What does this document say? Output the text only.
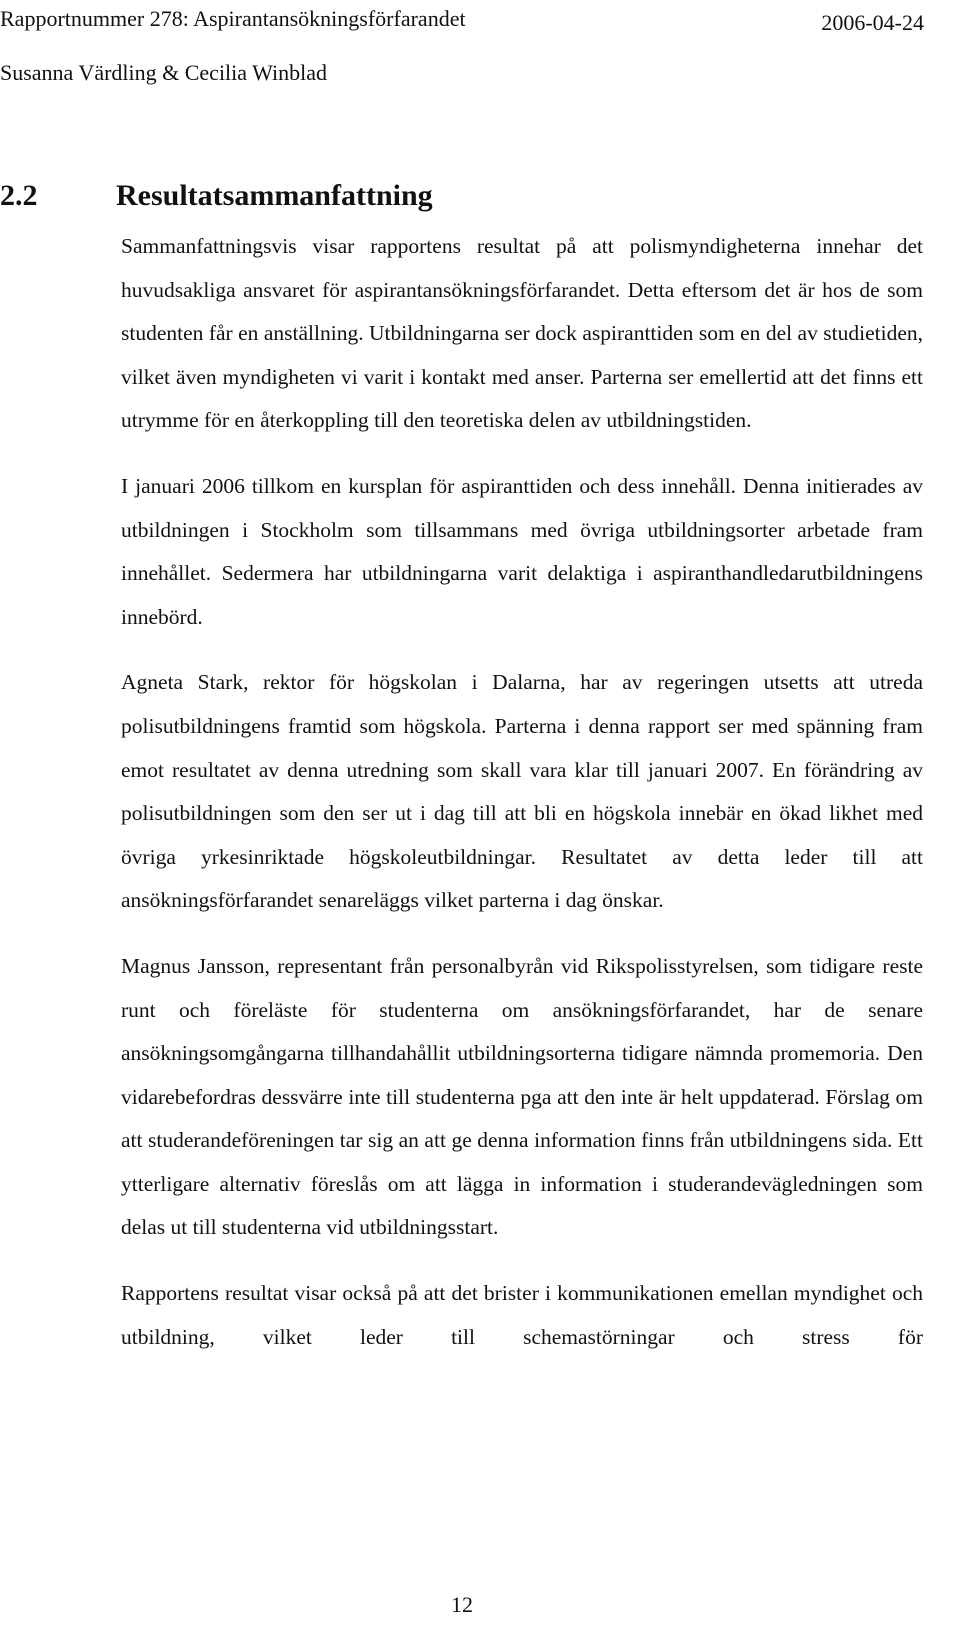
Rapportnummer 278: Aspirantansökningsförfarandet	2006-04-24
Susanna Värdling & Cecilia Winblad
2.2	Resultatsammanfattning

Sammanfattningsvis visar rapportens resultat på att polismyndigheterna innehar det huvudsakliga ansvaret för aspirantansökningsförfarandet. Detta eftersom det är hos de som studenten får en anställning. Utbildningarna ser dock aspiranttiden som en del av studietiden, vilket även myndigheten vi varit i kontakt med anser. Parterna ser emellertid att det finns ett utrymme för en återkoppling till den teoretiska delen av utbildningstiden.

I januari 2006 tillkom en kursplan för aspiranttiden och dess innehåll. Denna initierades av utbildningen i Stockholm som tillsammans med övriga utbildningsorter arbetade fram innehållet. Sedermera har utbildningarna varit delaktiga i aspiranthandledarutbildningens innebörd.

Agneta Stark, rektor för högskolan i Dalarna, har av regeringen utsetts att utreda polisutbildningens framtid som högskola. Parterna i denna rapport ser med spänning fram emot resultatet av denna utredning som skall vara klar till januari 2007. En förändring av polisutbildningen som den ser ut i dag till att bli en högskola innebär en ökad likhet med övriga yrkesinriktade högskoleutbildningar. Resultatet av detta leder till att ansökningsförfarandet senareläggs vilket parterna i dag önskar.

Magnus Jansson, representant från personalbyrån vid Rikspolisstyrelsen, som tidigare reste runt och föreläste för studenterna om ansökningsförfarandet, har de senare ansökningsomgångarna tillhandahållit utbildningsorterna tidigare nämnda promemoria. Den vidarebefordras dessvärre inte till studenterna pga att den inte är helt uppdaterad. Förslag om att studerandeföreningen tar sig an att ge denna information finns från utbildningens sida. Ett ytterligare alternativ föreslås om att lägga in information i studerandevägledningen som delas ut till studenterna vid utbildningsstart.

Rapportens resultat visar också på att det brister i kommunikationen emellan myndighet och utbildning, vilket leder till schemastörningar och stress för

12
